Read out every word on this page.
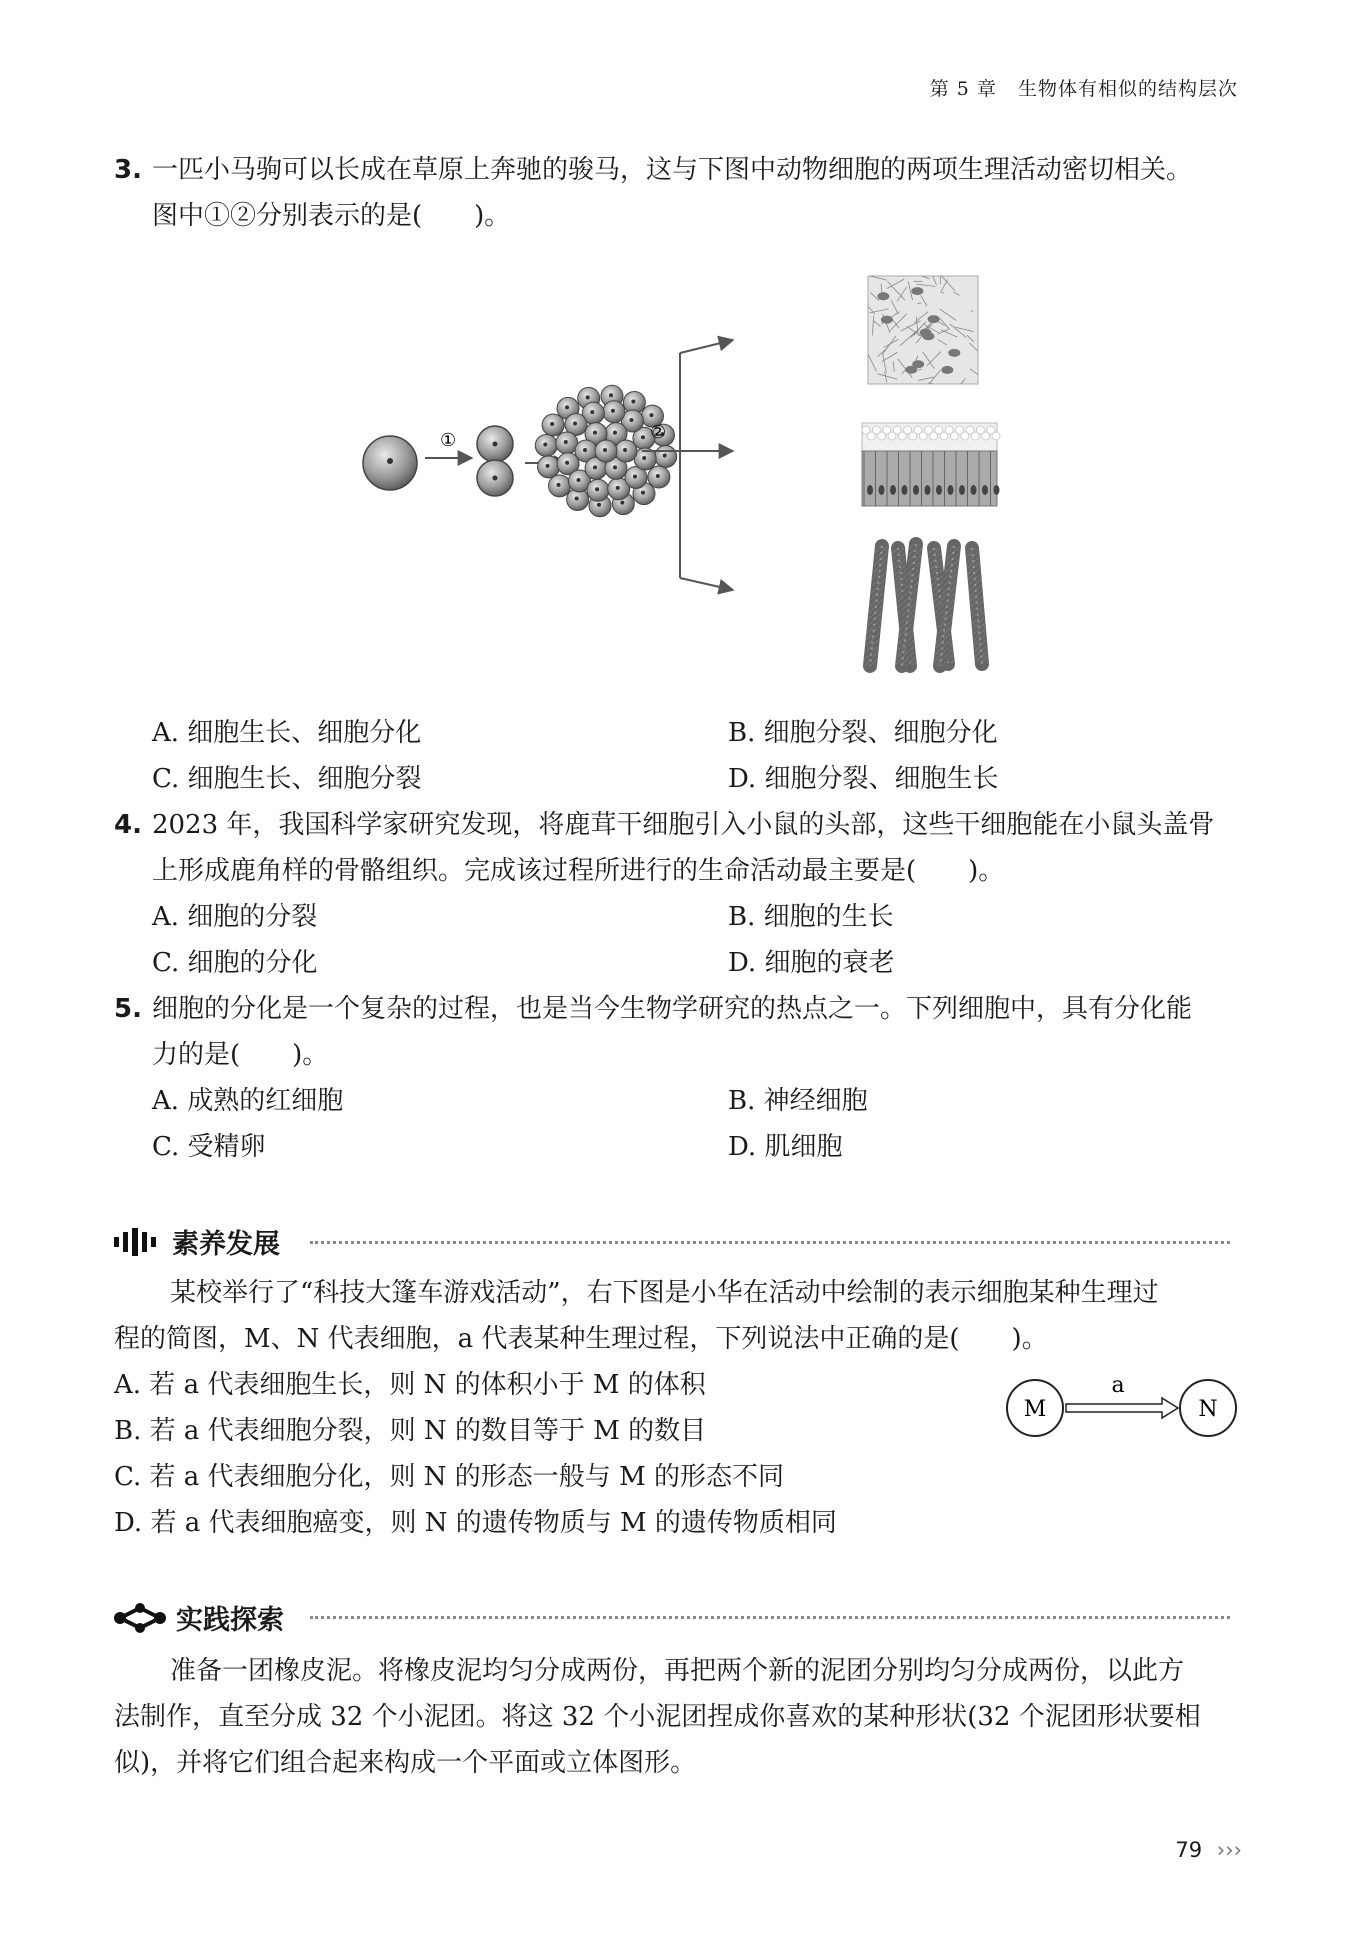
第 5 章 生物体有相似的结构层次
3. 一匹小马驹可以长成在草原上奔驰的骏马，这与下图中动物细胞的两项生理活动密切相关。
图中①②分别表示的是(　　)。
①	②
A. 细胞生长、细胞分化	B. 细胞分裂、细胞分化
C. 细胞生长、细胞分裂	D. 细胞分裂、细胞生长
4. 2023 年，我国科学家研究发现，将鹿茸干细胞引入小鼠的头部，这些干细胞能在小鼠头盖骨
上形成鹿角样的骨骼组织。完成该过程所进行的生命活动最主要是(　　)。
A. 细胞的分裂	B. 细胞的生长
C. 细胞的分化	D. 细胞的衰老
5. 细胞的分化是一个复杂的过程，也是当今生物学研究的热点之一。下列细胞中，具有分化能
力的是(　　)。
A. 成熟的红细胞	B. 神经细胞
C. 受精卵	D. 肌细胞
素养发展
某校举行了“科技大篷车游戏活动”，右下图是小华在活动中绘制的表示细胞某种生理过
程的简图，M、N 代表细胞，a 代表某种生理过程，下列说法中正确的是(　　)。
A. 若 a 代表细胞生长，则 N 的体积小于 M 的体积
B. 若 a 代表细胞分裂，则 N 的数目等于 M 的数目
C. 若 a 代表细胞分化，则 N 的形态一般与 M 的形态不同
D. 若 a 代表细胞癌变，则 N 的遗传物质与 M 的遗传物质相同
M	N
a
实践探索
准备一团橡皮泥。将橡皮泥均匀分成两份，再把两个新的泥团分别均匀分成两份，以此方
法制作，直至分成 32 个小泥团。将这 32 个小泥团捏成你喜欢的某种形状(32 个泥团形状要相
似)，并将它们组合起来构成一个平面或立体图形。
79 ›››
